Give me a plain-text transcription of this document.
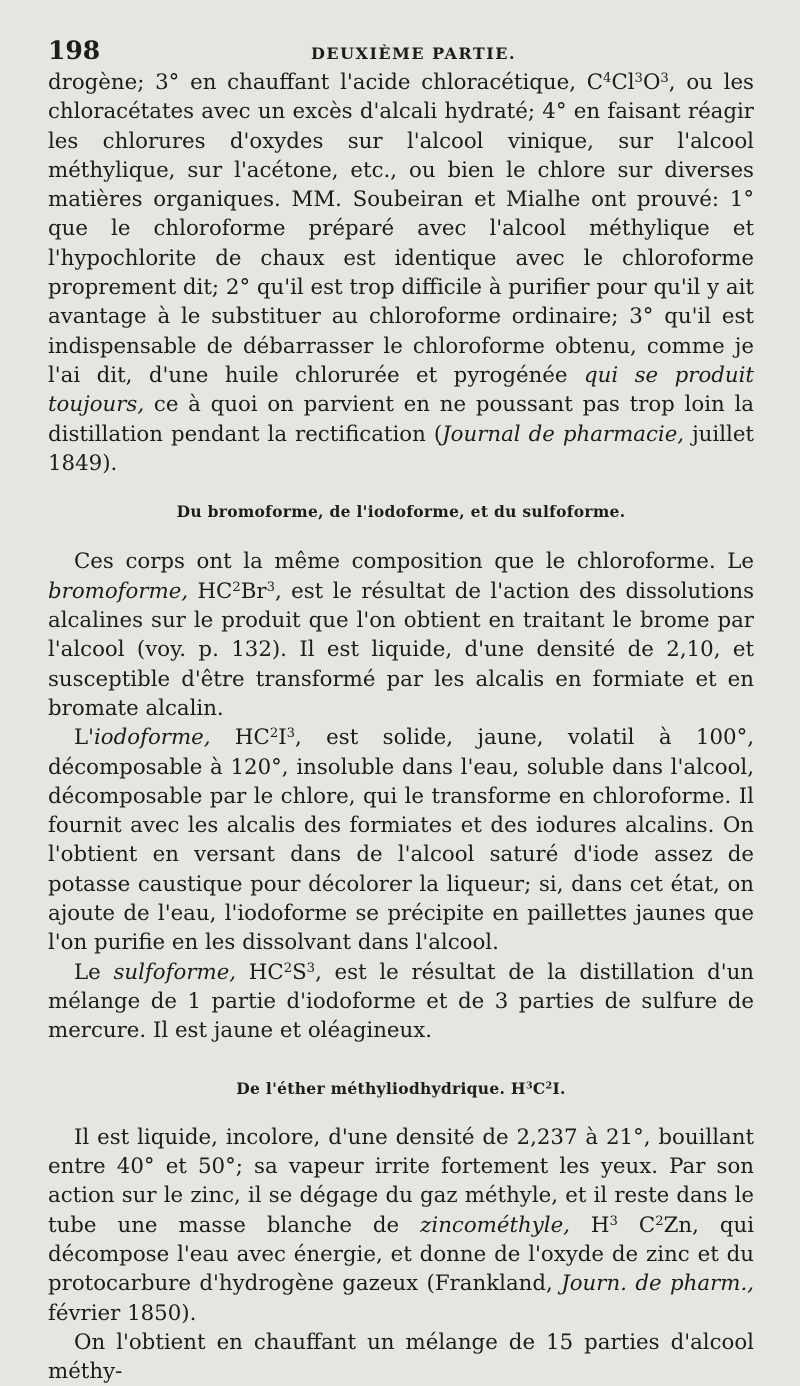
198	DEUXIÈME PARTIE.

drogène; 3° en chauffant l'acide chloracétique, $C^4Cl^3O^3$, ou les chloracétates avec un excès d'alcali hydraté; 4° en faisant réagir les chlorures d'oxydes sur l'alcool vinique, sur l'alcool méthylique, sur l'acétone, etc., ou bien le chlore sur diverses matières organiques. MM. Soubeiran et Mialhe ont prouvé: 1° que le chloroforme préparé avec l'alcool méthylique et l'hypochlorite de chaux est identique avec le chloroforme proprement dit; 2° qu'il est trop difficile à purifier pour qu'il y ait avantage à le substituer au chloroforme ordinaire; 3° qu'il est indispensable de débarrasser le chloroforme obtenu, comme je l'ai dit, d'une huile chlorurée et pyrogénée qui se produit toujours, ce à quoi on parvient en ne poussant pas trop loin la distillation pendant la rectification (Journal de pharmacie, juillet 1849).

Du bromoforme, de l'iodoforme, et du sulfoforme.

Ces corps ont la même composition que le chloroforme. Le bromoforme, $HC^2Br^3$, est le résultat de l'action des dissolutions alcalines sur le produit que l'on obtient en traitant le brome par l'alcool (voy. p. 132). Il est liquide, d'une densité de 2,10, et susceptible d'être transformé par les alcalis en formiate et en bromate alcalin.

L'iodoforme, $HC^2I^3$, est solide, jaune, volatil à 100°, décomposable à 120°, insoluble dans l'eau, soluble dans l'alcool, décomposable par le chlore, qui le transforme en chloroforme. Il fournit avec les alcalis des formiates et des iodures alcalins. On l'obtient en versant dans de l'alcool saturé d'iode assez de potasse caustique pour décolorer la liqueur; si, dans cet état, on ajoute de l'eau, l'iodoforme se précipite en paillettes jaunes que l'on purifie en les dissolvant dans l'alcool.

Le sulfoforme, $HC^2S^3$, est le résultat de la distillation d'un mélange de 1 partie d'iodoforme et de 3 parties de sulfure de mercure. Il est jaune et oléagineux.

De l'éther méthyliodhydrique. $H^3C^2I$.

Il est liquide, incolore, d'une densité de 2,237 à 21°, bouillant entre 40° et 50°; sa vapeur irrite fortement les yeux. Par son action sur le zinc, il se dégage du gaz méthyle, et il reste dans le tube une masse blanche de zincométhyle, $H^3$ $C^2Zn$, qui décompose l'eau avec énergie, et donne de l'oxyde de zinc et du protocarbure d'hydrogène gazeux (Frankland, Journ. de pharm., février 1850).

On l'obtient en chauffant un mélange de 15 parties d'alcool méthy-
